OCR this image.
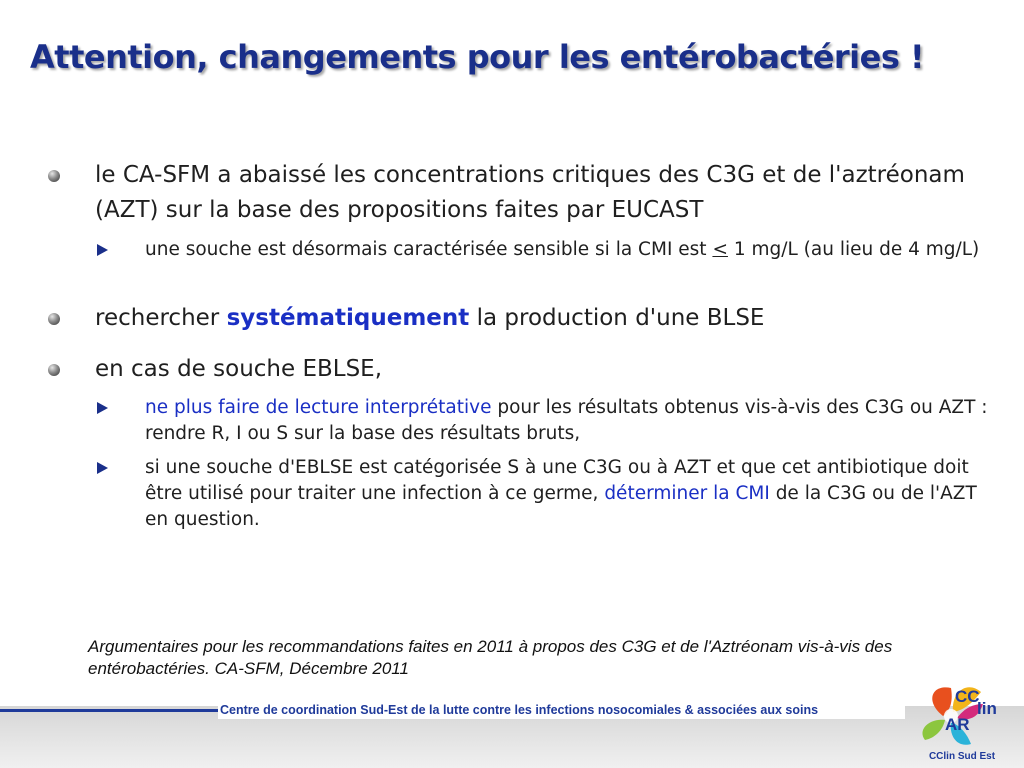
Attention, changements pour les entérobactéries !
le CA-SFM a abaissé les concentrations critiques des C3G et de l'aztréonam (AZT) sur la base des propositions faites par EUCAST
une souche est désormais caractérisée sensible si la CMI est < 1 mg/L (au lieu de 4 mg/L)
rechercher systématiquement la production d'une BLSE
en cas de souche EBLSE,
ne plus faire de lecture interprétative pour les résultats obtenus vis-à-vis des C3G ou AZT : rendre R, I ou S sur la base des résultats bruts,
si une souche d'EBLSE est catégorisée S à une C3G ou à AZT et que cet antibiotique doit être utilisé pour traiter une infection à ce germe, déterminer la CMI de la C3G ou de l'AZT en question.
Argumentaires pour les recommandations faites en 2011 à propos des C3G et de l'Aztréonam vis-à-vis des entérobactéries. CA-SFM, Décembre 2011
Centre de coordination Sud-Est de la lutte contre les infections nosocomiales & associées aux soins
CC
lin
AR
CClin Sud Est
